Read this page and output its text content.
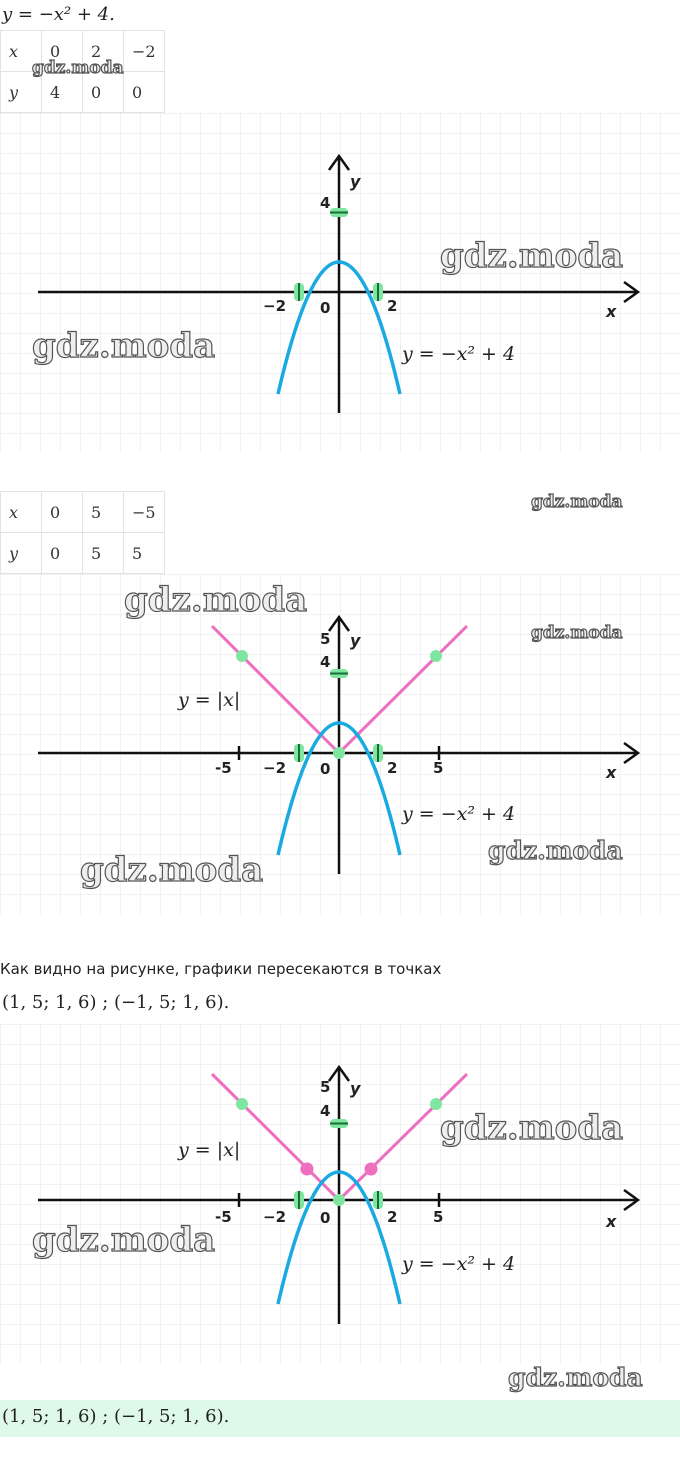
y = −x² + 4.
x	0	2	−2
y	4	0	0
gdz.moda
y
x
4
−2 0	2
y = −x² + 4
gdz.moda
gdz.moda
x	0	5	−5
y	0	5	5
gdz.moda
y
x
5
4
-5 −2 0	2 5
y = |x|
y = −x² + 4
gdz.moda
gdz.moda
gdz.moda
gdz.moda
Как видно на рисунке, графики пересекаются в точках
(1, 5; 1, 6) ; (−1, 5; 1, 6).
y
x
5
4
-5 −2 0	2 5
y = |x|
y = −x² + 4
gdz.moda
gdz.moda
gdz.moda
(1, 5; 1, 6) ; (−1, 5; 1, 6).
